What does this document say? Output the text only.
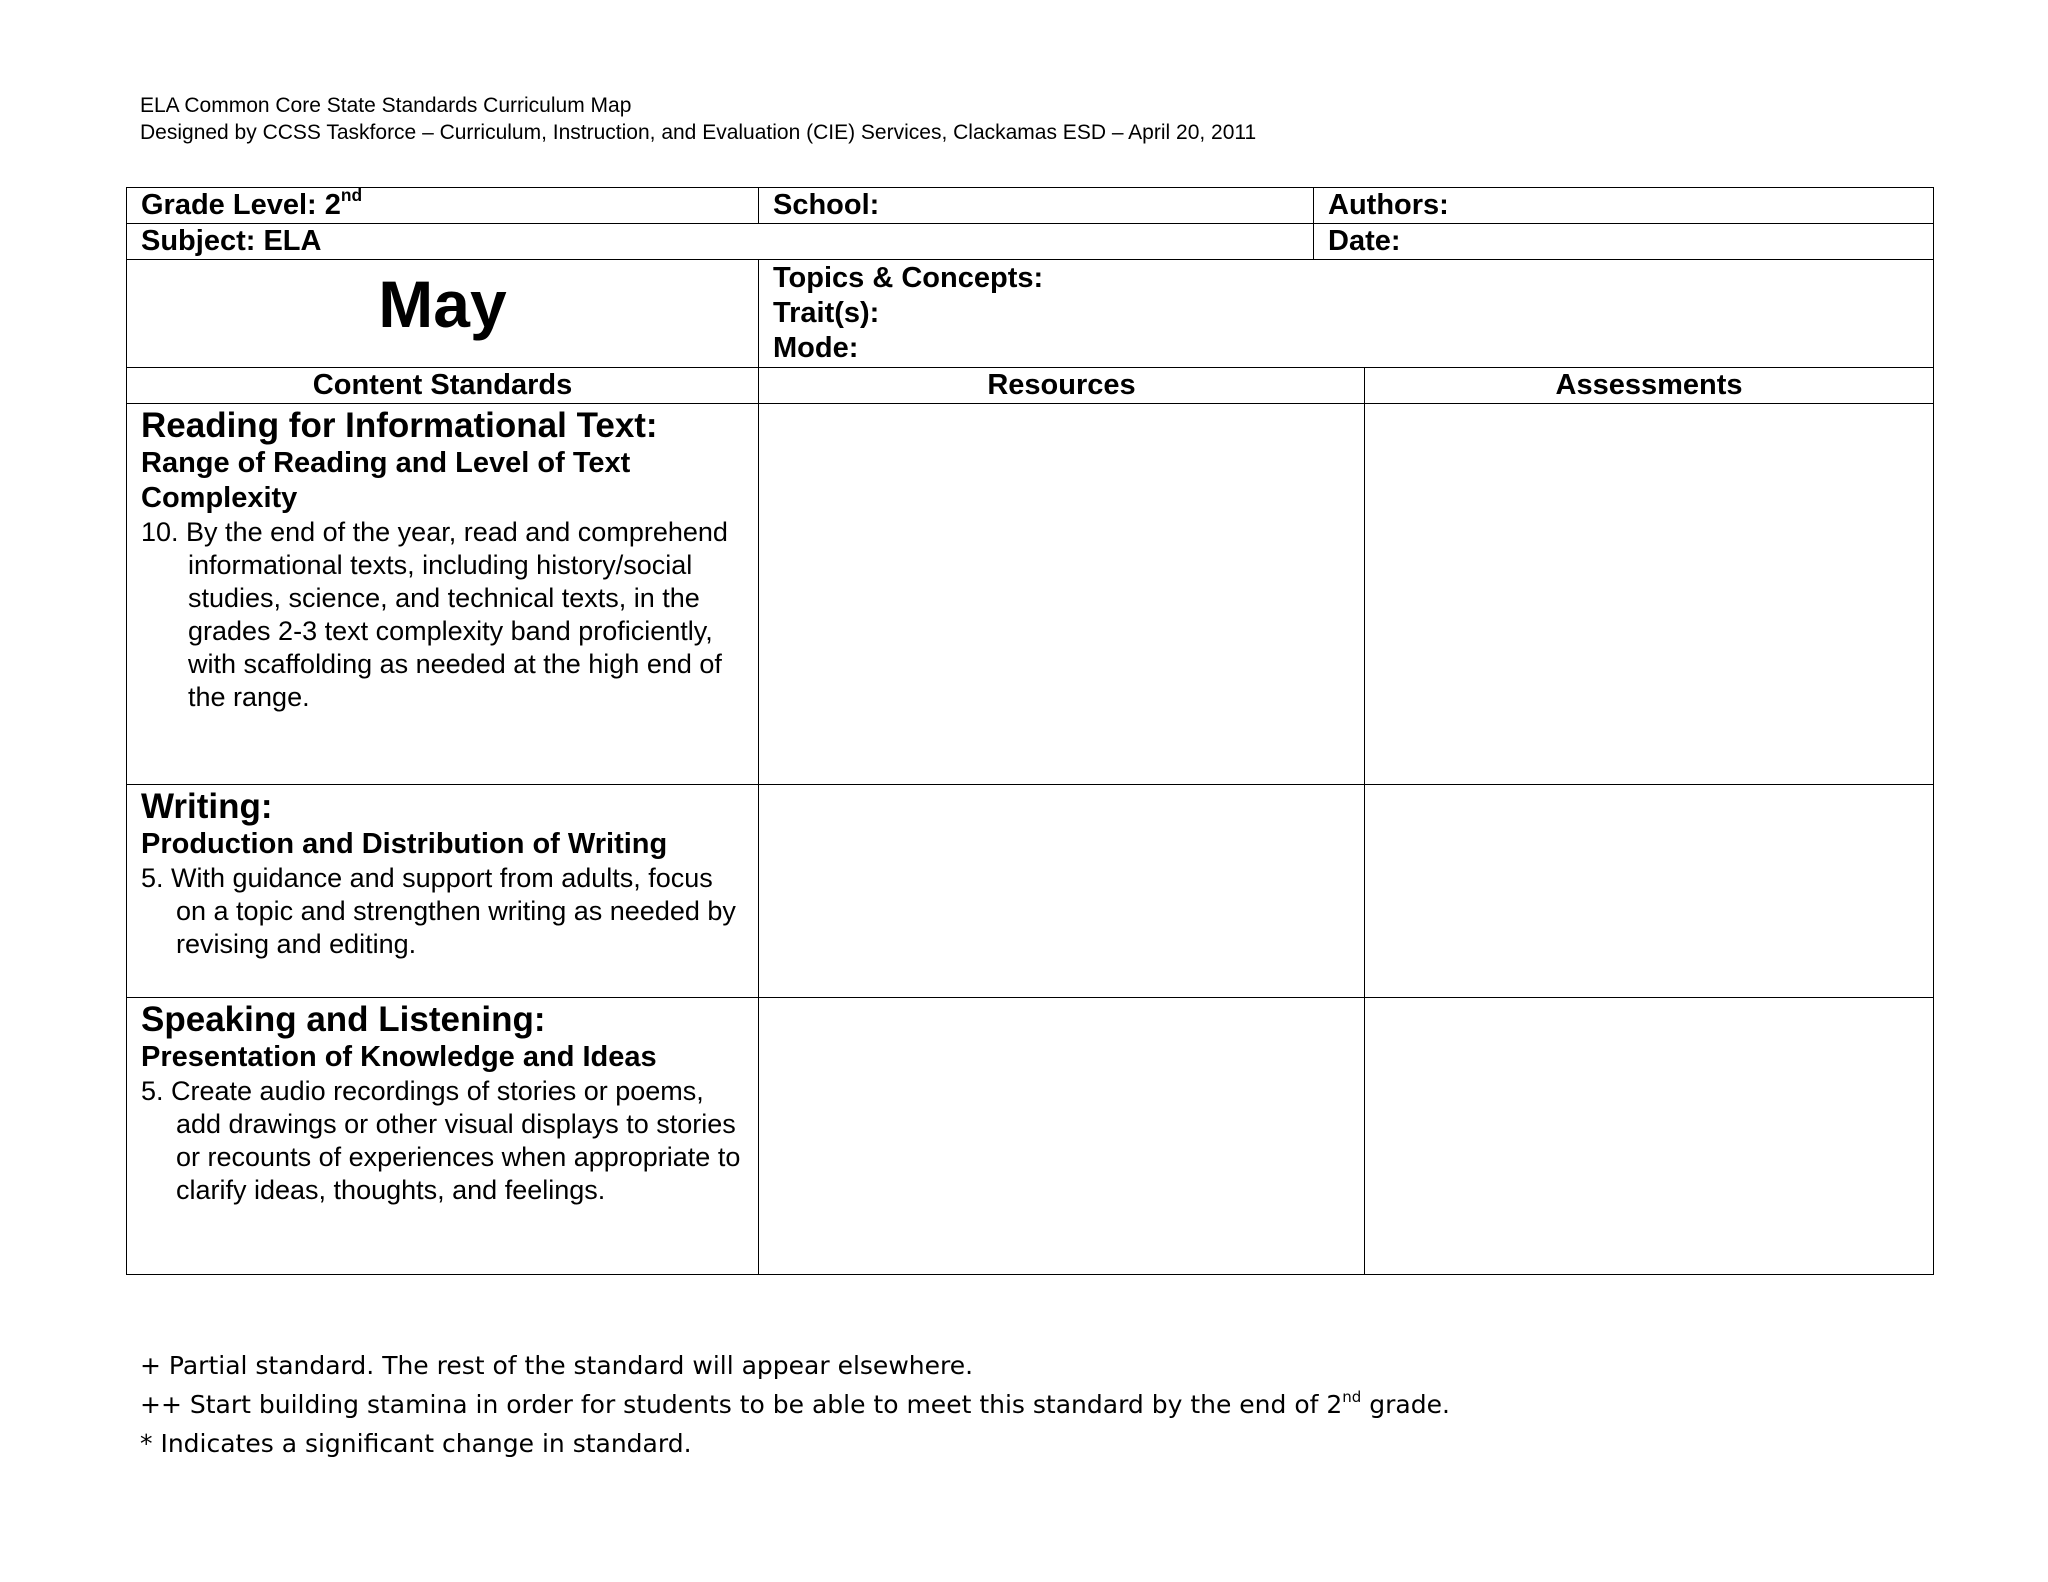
ELA Common Core State Standards Curriculum Map
Designed by CCSS Taskforce – Curriculum, Instruction, and Evaluation (CIE) Services, Clackamas ESD – April 20, 2011
Grade Level: 2nd	School:	Authors:	
Subject: ELA		Date:	
May	Topics & Concepts:
Trait(s):
Mode:		

Content Standards	Resources		Assessments

Reading for Informational Text:
Range of Reading and Level of Text Complexity
10. By the end of the year, read and comprehend informational texts, including history/social studies, science, and technical texts, in the grades 2-3 text complexity band proficiently, with scaffolding as needed at the high end of the range.			

Writing:
Production and Distribution of Writing
5. With guidance and support from adults, focus on a topic and strengthen writing as needed by revising and editing.			

Speaking and Listening:
Presentation of Knowledge and Ideas
5. Create audio recordings of stories or poems, add drawings or other visual displays to stories or recounts of experiences when appropriate to clarify ideas, thoughts, and feelings.			

+ Partial standard. The rest of the standard will appear elsewhere.
++ Start building stamina in order for students to be able to meet this standard by the end of 2nd grade.
* Indicates a significant change in standard.
